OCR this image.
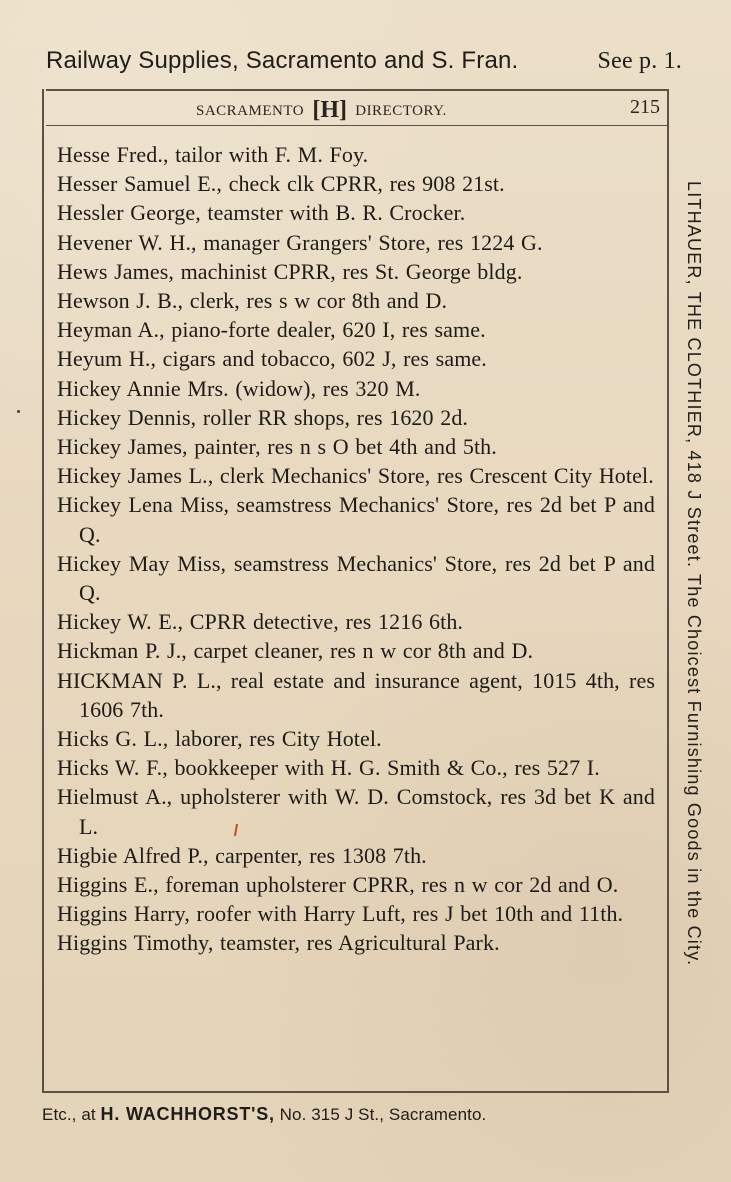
Railway Supplies, Sacramento and S. Fran.	See p. 1.
SACRAMENTO [H] DIRECTORY.	215

Hesse Fred., tailor with F. M. Foy.

Hesser Samuel E., check clk CPRR, res 908 21st.

Hessler George, teamster with B. R. Crocker.

Hevener W. H., manager Grangers' Store, res 1224 G.

Hews James, machinist CPRR, res St. George bldg.

Hewson J. B., clerk, res s w cor 8th and D.

Heyman A., piano-forte dealer, 620 I, res same.

Heyum H., cigars and tobacco, 602 J, res same.

Hickey Annie Mrs. (widow), res 320 M.

Hickey Dennis, roller RR shops, res 1620 2d.

Hickey James, painter, res n s O bet 4th and 5th.

Hickey James L., clerk Mechanics' Store, res Crescent City Hotel.

Hickey Lena Miss, seamstress Mechanics' Store, res 2d bet P and Q.

Hickey May Miss, seamstress Mechanics' Store, res 2d bet P and Q.

Hickey W. E., CPRR detective, res 1216 6th.

Hickman P. J., carpet cleaner, res n w cor 8th and D.

HICKMAN P. L., real estate and insurance agent, 1015 4th, res 1606 7th.

Hicks G. L., laborer, res City Hotel.

Hicks W. F., bookkeeper with H. G. Smith & Co., res 527 I.

Hielmust A., upholsterer with W. D. Comstock, res 3d bet K and L.

Higbie Alfred P., carpenter, res 1308 7th.

Higgins E., foreman upholsterer CPRR, res n w cor 2d and O.

Higgins Harry, roofer with Harry Luft, res J bet 10th and 11th.

Higgins Timothy, teamster, res Agricultural Park.	LITHAUER, THE CLOTHIER, 418 J Street. The Choicest Furnishing Goods in the City.
Etc., at H. WACHHORST'S, No. 315 J St., Sacramento.
